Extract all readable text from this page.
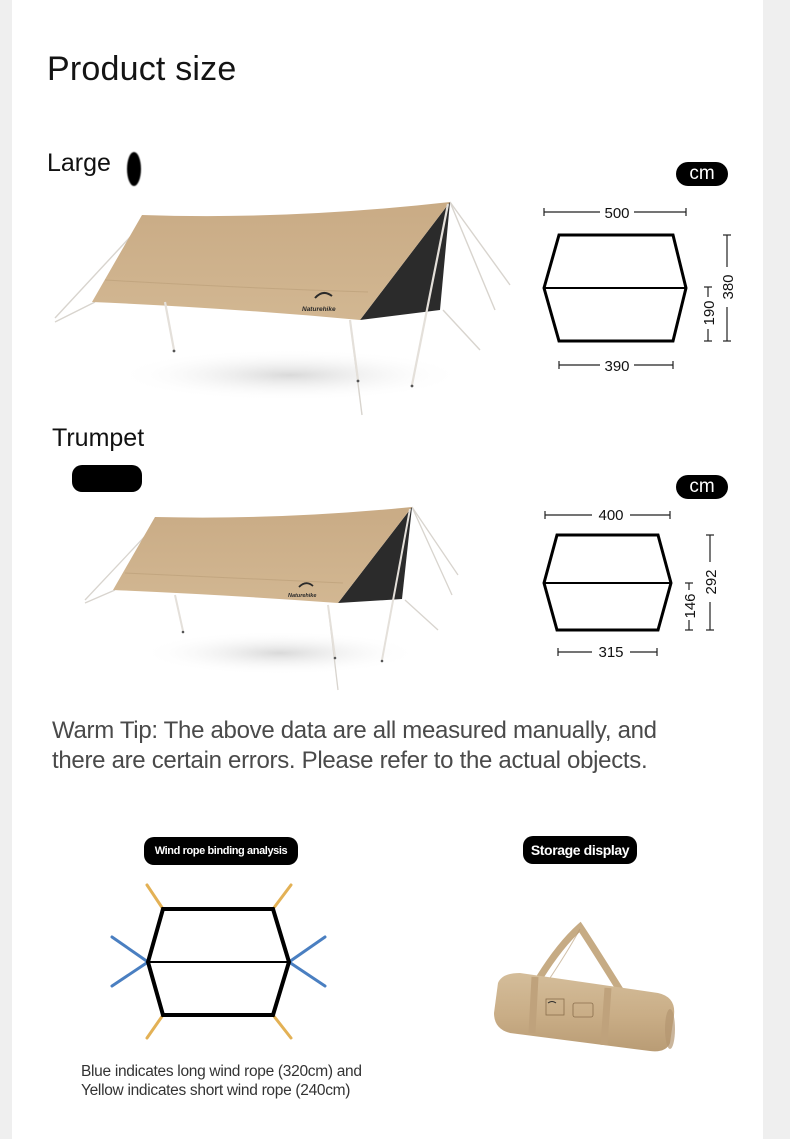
Product size
Large	cm
Naturehike
500
390
380
190
Trumpet
cm
Naturehike
400
315
292
146
Warm Tip: The above data are all measured manually, and
there are certain errors. Please refer to the actual objects.
Wind rope binding analysis
Blue indicates long wind rope (320cm) and
Yellow indicates short wind rope (240cm)
Storage display
